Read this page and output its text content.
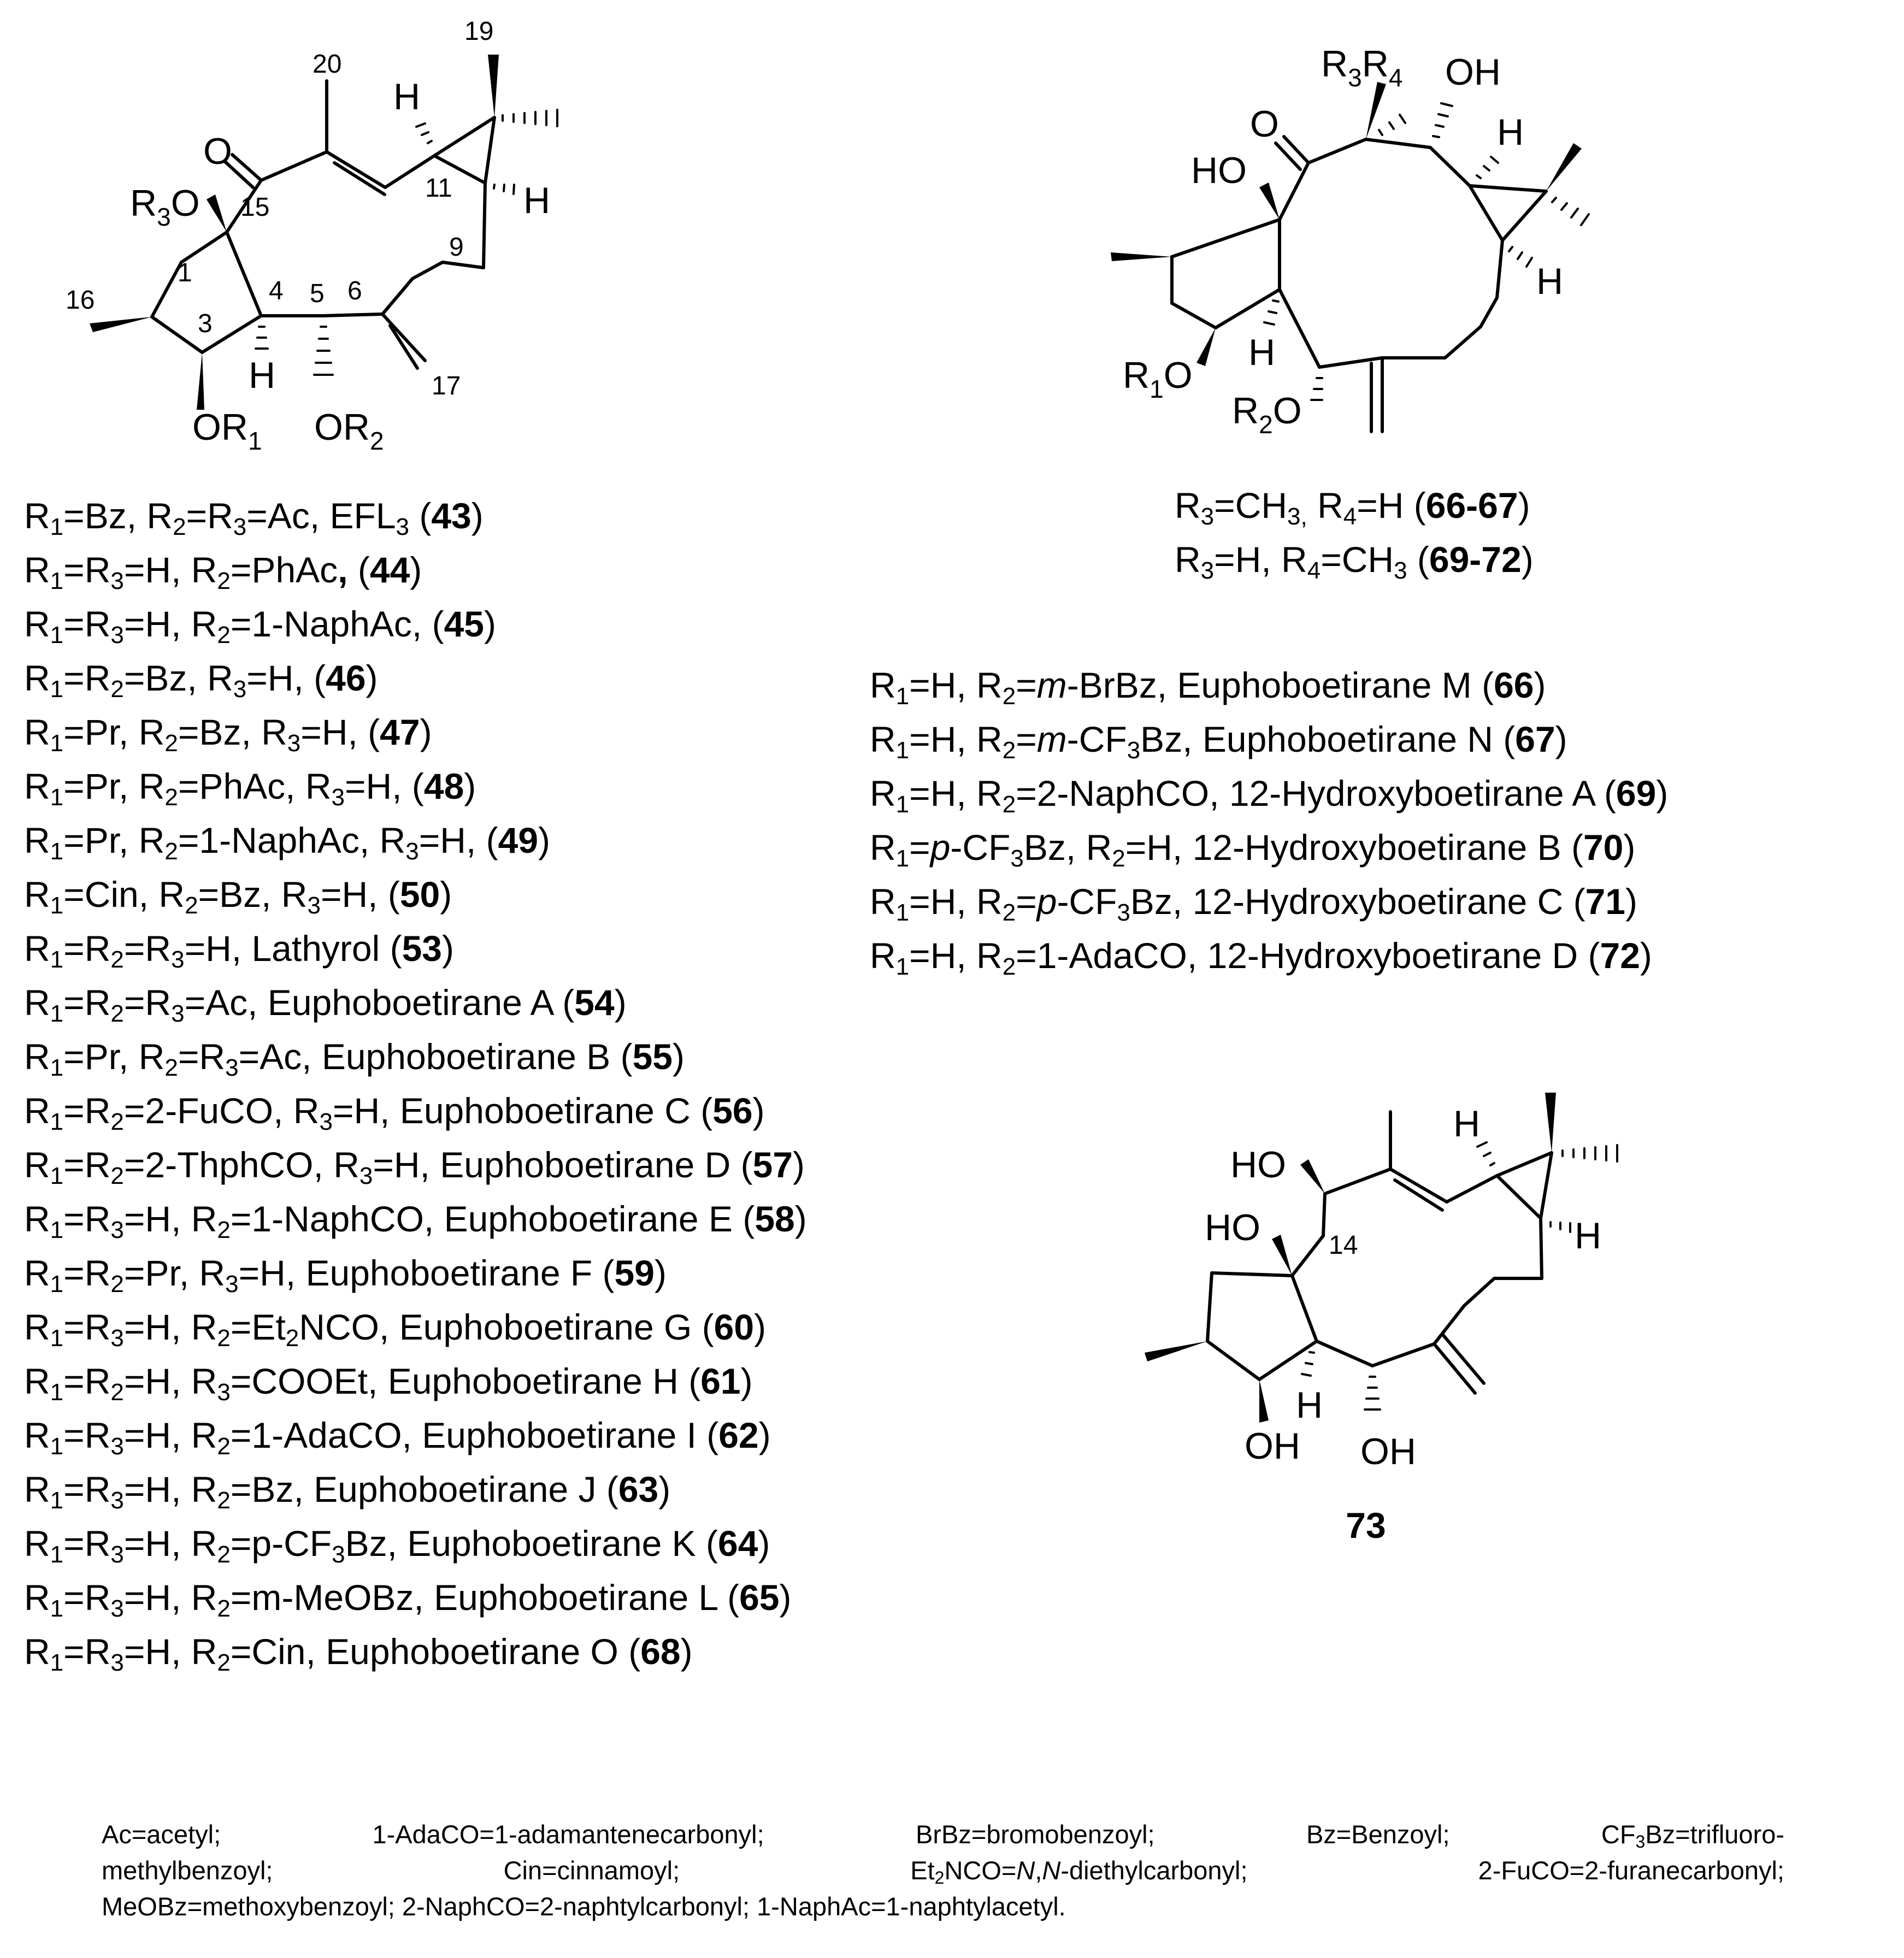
O
$R_3O$
$OR_1$ $OR_2$
H
H
H
1
3
4 5 6
9
11
15
16
17
19
20	$R_3R_4$ OH
O
HO
H
H
H
$R_1O$
$R_2O$
HO
HO
H
H
H
OH OH
14
73
$R_3=CH_{3,}$ $R_4=H$ (66-67)
$R_3=H$, $R_4=CH_3$ (69-72)
$R_1=Bz$, $R_2=R_3=Ac$, $EFL_3$ (43)
$R_1=R_3=H$, $R_2=PhAc$, (44)
$R_1=R_3=H$, $R_2=1$-NaphAc, (45)
$R_1=R_2=Bz$, $R_3=H$, (46)
$R_1=Pr$, $R_2=Bz$, $R_3=H$, (47)
$R_1=Pr$, $R_2=PhAc$, $R_3=H$, (48)
$R_1=Pr$, $R_2=1$-NaphAc, $R_3=H$, (49)
$R_1=Cin$, $R_2=Bz$, $R_3=H$, (50)
$R_1=R_2=R_3=H$, Lathyrol (53)
$R_1=R_2=R_3=Ac$, Euphoboetirane A (54)
$R_1=Pr$, $R_2=R_3=Ac$, Euphoboetirane B (55)
$R_1=R_2=2$-FuCO, $R_3=H$, Euphoboetirane C (56)
$R_1=R_2=2$-ThphCO, $R_3=H$, Euphoboetirane D (57)
$R_1=R_3=H$, $R_2=1$-NaphCO, Euphoboetirane E (58)
$R_1=R_2=Pr$, $R_3=H$, Euphoboetirane F (59)
$R_1=R_3=H$, $R_2=Et_2NCO$, Euphoboetirane G (60)
$R_1=R_2=H$, $R_3=COOEt$, Euphoboetirane H (61)
$R_1=R_3=H$, $R_2=1$-AdaCO, Euphoboetirane I (62)
$R_1=R_3=H$, $R_2=Bz$, Euphoboetirane J (63)
$R_1=R_3=H$, $R_2=p-CF_3Bz$, Euphoboetirane K (64)
$R_1=R_3=H$, $R_2=m$-MeOBz, Euphoboetirane L (65)
$R_1=R_3=H$, $R_2=Cin$, Euphoboetirane O (68)
$R_1=H$, $R_2=m$-BrBz, Euphoboetirane M (66)
$R_1=H$, $R_2=m-CF_3Bz$, Euphoboetirane N (67)
$R_1=H$, $R_2=2$-NaphCO, 12-Hydroxyboetirane A (69)
$R_1=p-CF_3Bz$, $R_2=H$, 12-Hydroxyboetirane B (70)
$R_1=H$, $R_2=p-CF_3Bz$, 12-Hydroxyboetirane C (71)
$R_1=H$, $R_2=1$-AdaCO, 12-Hydroxyboetirane D (72)
Ac=acetyl; 1-AdaCO=1-adamantenecarbonyl; BrBz=bromobenzoyl; Bz=Benzoyl; $CF_3Bz=trifluoro-$
methylbenzoyl; Cin=cinnamoyl; $Et_2NCO=N,N$-diethylcarbonyl; 2-FuCO=2-furanecarbonyl;
MeOBz=methoxybenzoyl; 2-NaphCO=2-naphtylcarbonyl; 1-NaphAc=1-naphtylacetyl.
